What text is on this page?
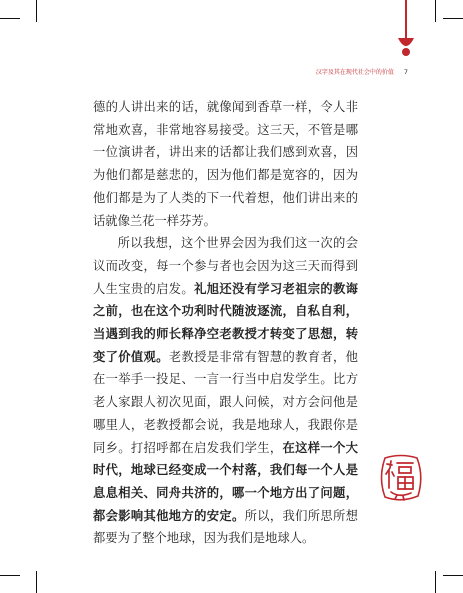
汉字及其在现代社会中的价值 7

德的人讲出来的话，就像闻到香草一样，令人非常地欢喜，非常地容易接受。这三天，不管是哪一位演讲者，讲出来的话都让我们感到欢喜，因为他们都是慈悲的，因为他们都是宽容的，因为他们都是为了人类的下一代着想，他们讲出来的话就像兰花一样芬芳。

所以我想，这个世界会因为我们这一次的会议而改变，每一个参与者也会因为这三天而得到人生宝贵的启发。礼旭还没有学习老祖宗的教诲之前，也在这个功利时代随波逐流，自私自利，当遇到我的师长释净空老教授才转变了思想，转变了价值观。老教授是非常有智慧的教育者，他在一举手一投足、一言一行当中启发学生。比方老人家跟人初次见面，跟人问候，对方会问他是哪里人，老教授都会说，我是地球人，我跟你是同乡。打招呼都在启发我们学生，在这样一个大时代，地球已经变成一个村落，我们每一个人是息息相关、同舟共济的，哪一个地方出了问题，都会影响其他地方的安定。所以，我们所思所想都要为了整个地球，因为我们是地球人。
